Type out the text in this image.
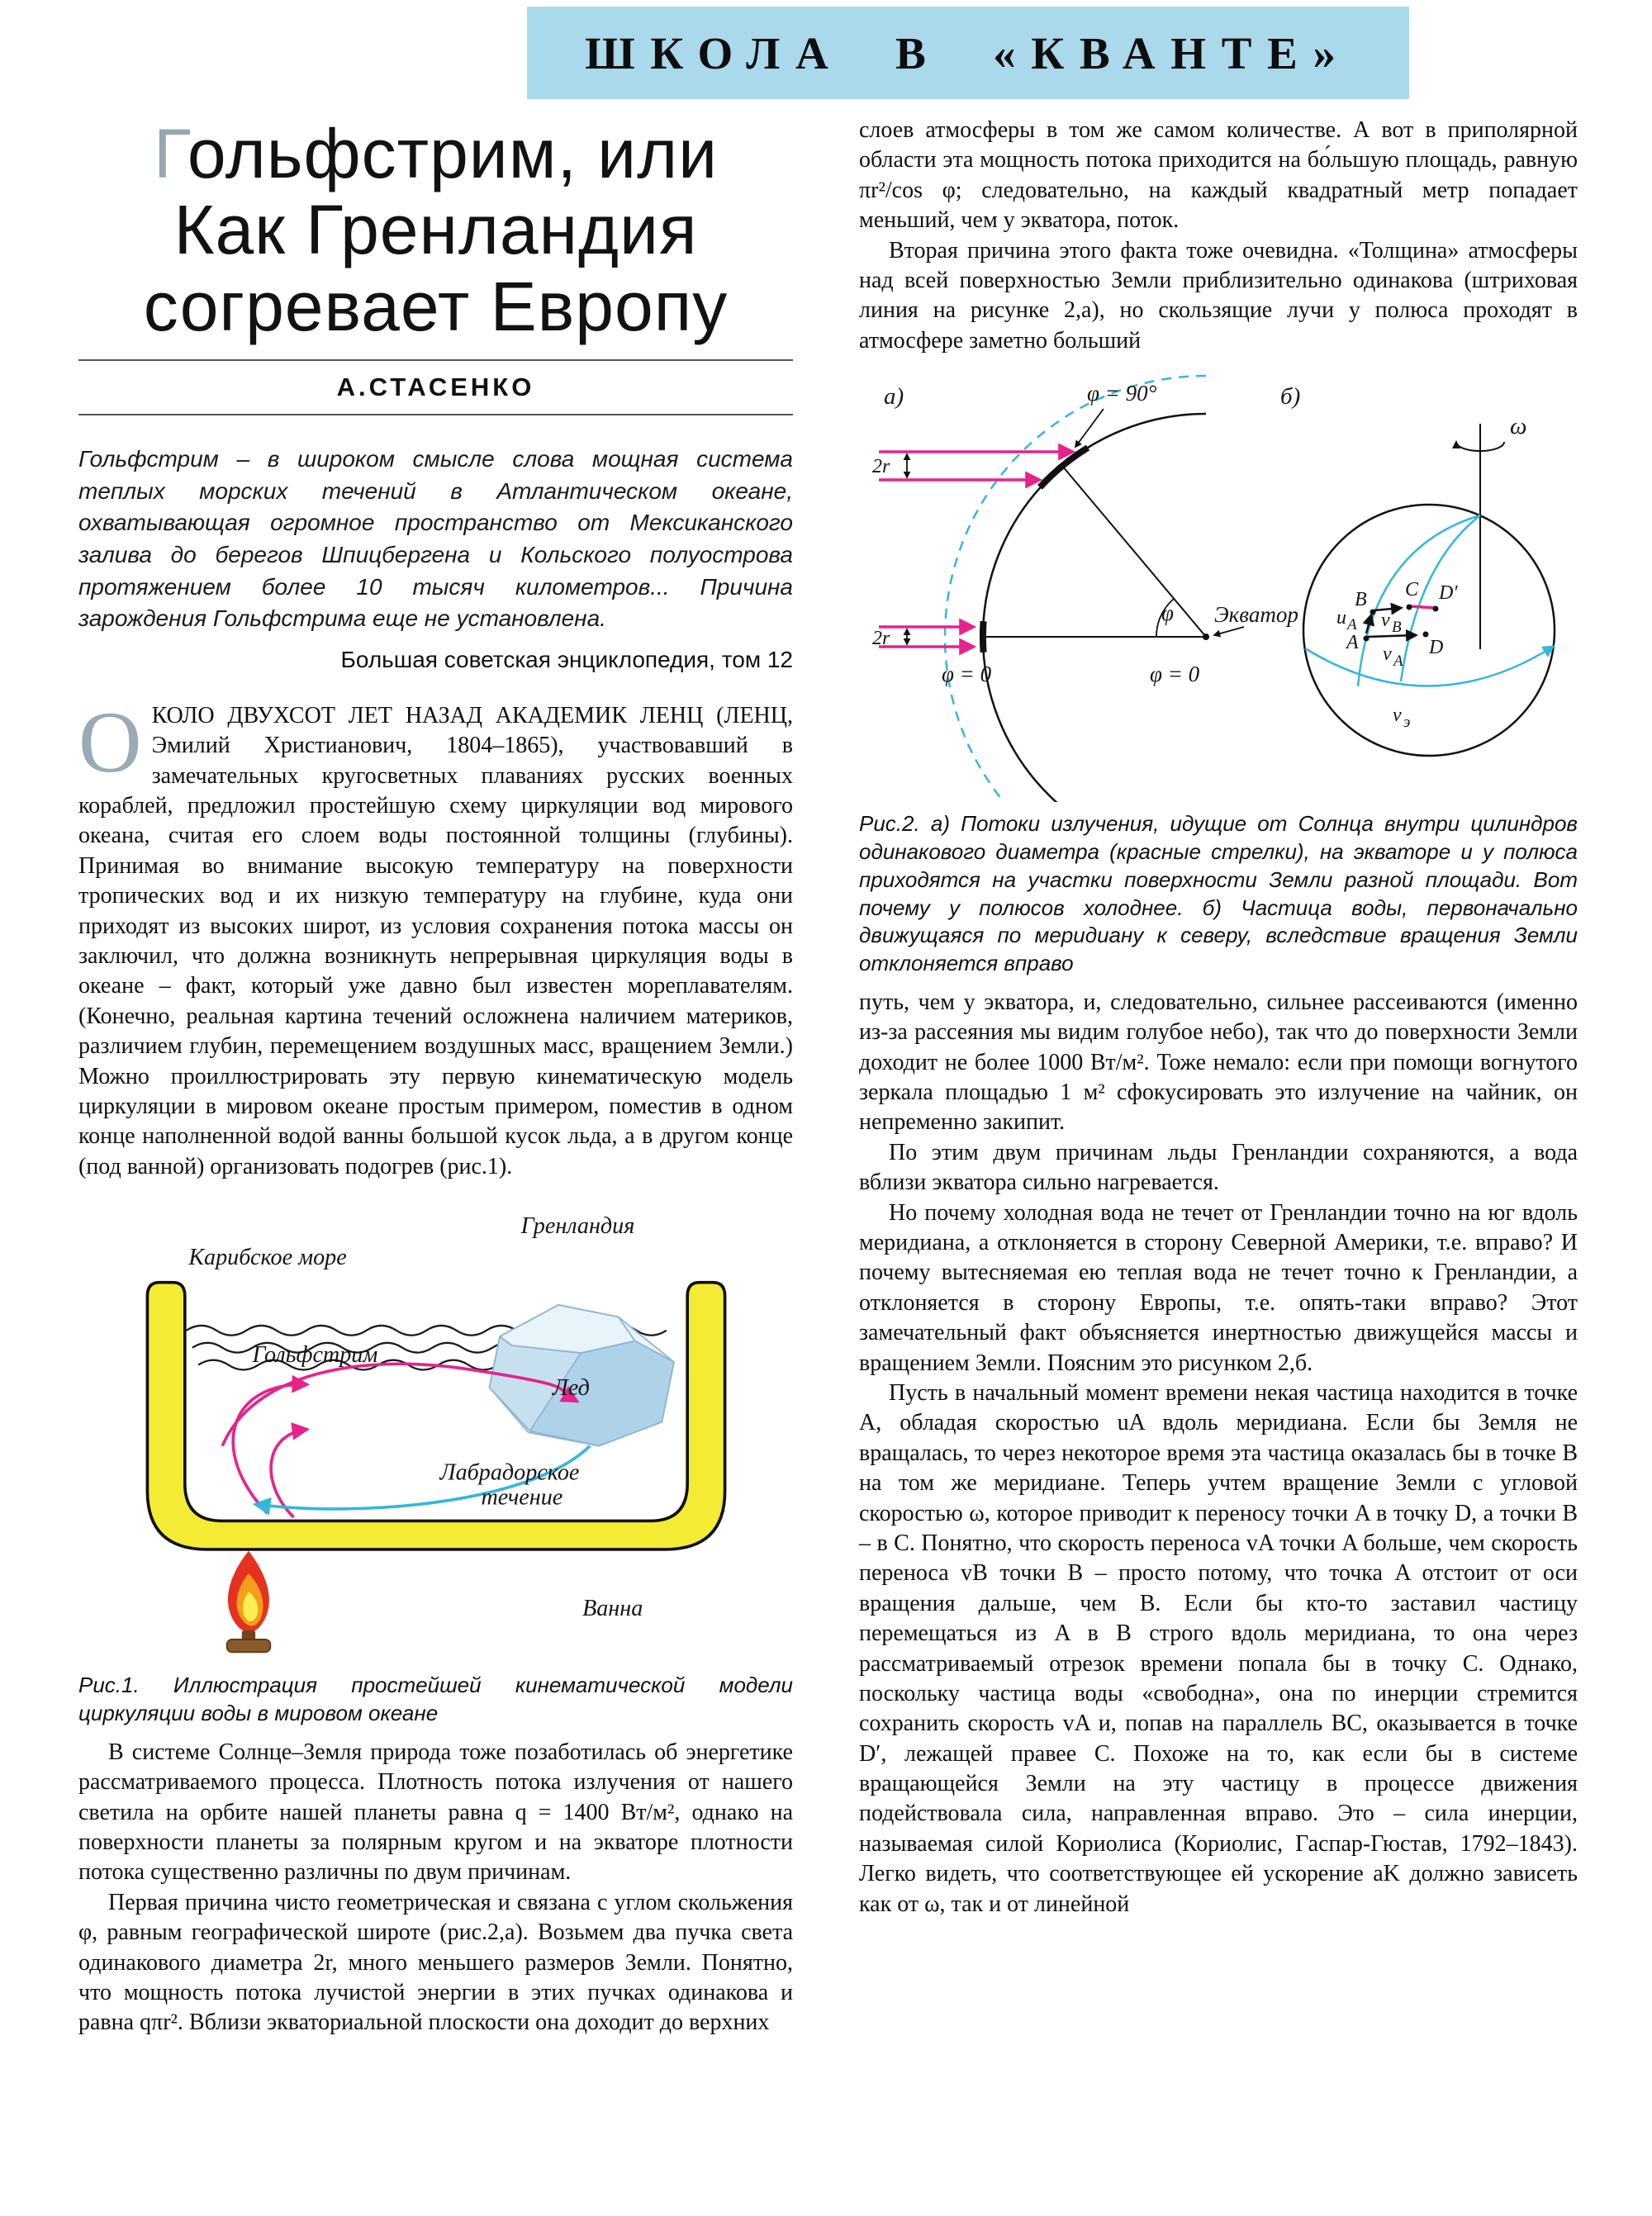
ШКОЛА В «КВАНТЕ»
Гольфстрим, или
Как Гренландия
согревает Европу
А.СТАСЕНКО
Гольфстрим – в широком смысле слова мощная система теплых морских течений в Атлантическом океане, охватывающая огромное пространство от Мексиканского залива до берегов Шпицбергена и Кольского полуострова протяжением более 10 тысяч километров... Причина зарождения Гольфстрима еще не установлена.
Большая советская энциклопедия, том 12

ОКОЛО ДВУХСОТ ЛЕТ НАЗАД АКАДЕМИК ЛЕНЦ (ЛЕНЦ, Эмилий Христианович, 1804–1865), участвовавший в замечательных кругосветных плаваниях русских военных кораблей, предложил простейшую схему циркуляции вод мирового океана, считая его слоем воды постоянной толщины (глубины). Принимая во внимание высокую температуру на поверхности тропических вод и их низкую температуру на глубине, куда они приходят из высоких широт, из условия сохранения потока массы он заключил, что должна возникнуть непрерывная циркуляция воды в океане – факт, который уже давно был известен мореплавателям. (Конечно, реальная картина течений осложнена наличием материков, различием глубин, перемещением воздушных масс, вращением Земли.) Можно проиллюстрировать эту первую кинематическую модель циркуляции в мировом океане простым примером, поместив в одном конце наполненной водой ванны большой кусок льда, а в другом конце (под ванной) организовать подогрев (рис.1).

Карибское море
Гренландия
Гольфстрим
Лед
Лабрадорское
течение
Ванна
Рис.1. Иллюстрация простейшей кинематической модели циркуляции воды в мировом океане

В системе Солнце–Земля природа тоже позаботилась об энергетике рассматриваемого процесса. Плотность потока излучения от нашего светила на орбите нашей планеты равна q = 1400 Вт/м², однако на поверхности планеты за полярным кругом и на экваторе плотности потока существенно различны по двум причинам.

Первая причина чисто геометрическая и связана с углом скольжения φ, равным географической широте (рис.2,а). Возьмем два пучка света одинакового диаметра 2r, много меньшего размеров Земли. Понятно, что мощность потока лучистой энергии в этих пучках одинакова и равна qπr². Вблизи экваториальной плоскости она доходит до верхних

слоев атмосферы в том же самом количестве. А вот в приполярной области эта мощность потока приходится на бо́льшую площадь, равную πr²/cos φ; следовательно, на каждый квадратный метр попадает меньший, чем у экватора, поток.

Вторая причина этого факта тоже очевидна. «Толщина» атмосферы над всей поверхностью Земли приблизительно одинакова (штриховая линия на рисунке 2,а), но скользящие лучи у полюса проходят в атмосфере заметно больший

а)
2r
2r
φ
φ = 90°
φ = 0	φ = 0
Экватор
б)
ω
B
A
C D′
D
u A v B
v A
v э
Рис.2. а) Потоки излучения, идущие от Солнца внутри цилиндров одинакового диаметра (красные стрелки), на экваторе и у полюса приходятся на участки поверхности Земли разной площади. Вот почему у полюсов холоднее. б) Частица воды, первоначально движущаяся по меридиану к северу, вследствие вращения Земли отклоняется вправо

путь, чем у экватора, и, следовательно, сильнее рассеиваются (именно из-за рассеяния мы видим голубое небо), так что до поверхности Земли доходит не более 1000 Вт/м². Тоже немало: если при помощи вогнутого зеркала площадью 1 м² сфокусировать это излучение на чайник, он непременно закипит.

По этим двум причинам льды Гренландии сохраняются, а вода вблизи экватора сильно нагревается.

Но почему холодная вода не течет от Гренландии точно на юг вдоль меридиана, а отклоняется в сторону Северной Америки, т.е. вправо? И почему вытесняемая ею теплая вода не течет точно к Гренландии, а отклоняется в сторону Европы, т.е. опять-таки вправо? Этот замечательный факт объясняется инертностью движущейся массы и вращением Земли. Поясним это рисунком 2,б.

Пусть в начальный момент времени некая частица находится в точке A, обладая скоростью uA вдоль меридиана. Если бы Земля не вращалась, то через некоторое время эта частица оказалась бы в точке B на том же меридиане. Теперь учтем вращение Земли с угловой скоростью ω, которое приводит к переносу точки A в точку D, а точки B – в C. Понятно, что скорость переноса vA точки A больше, чем скорость переноса vB точки B – просто потому, что точка A отстоит от оси вращения дальше, чем B. Если бы кто-то заставил частицу перемещаться из A в B строго вдоль меридиана, то она через рассматриваемый отрезок времени попала бы в точку C. Однако, поскольку частица воды «свободна», она по инерции стремится сохранить скорость vA и, попав на параллель BC, оказывается в точке D′, лежащей правее C. Похоже на то, как если бы в системе вращающейся Земли на эту частицу в процессе движения подействовала сила, направленная вправо. Это – сила инерции, называемая силой Кориолиса (Кориолис, Гаспар-Гюстав, 1792–1843). Легко видеть, что соответствующее ей ускорение aK должно зависеть как от ω, так и от линейной
